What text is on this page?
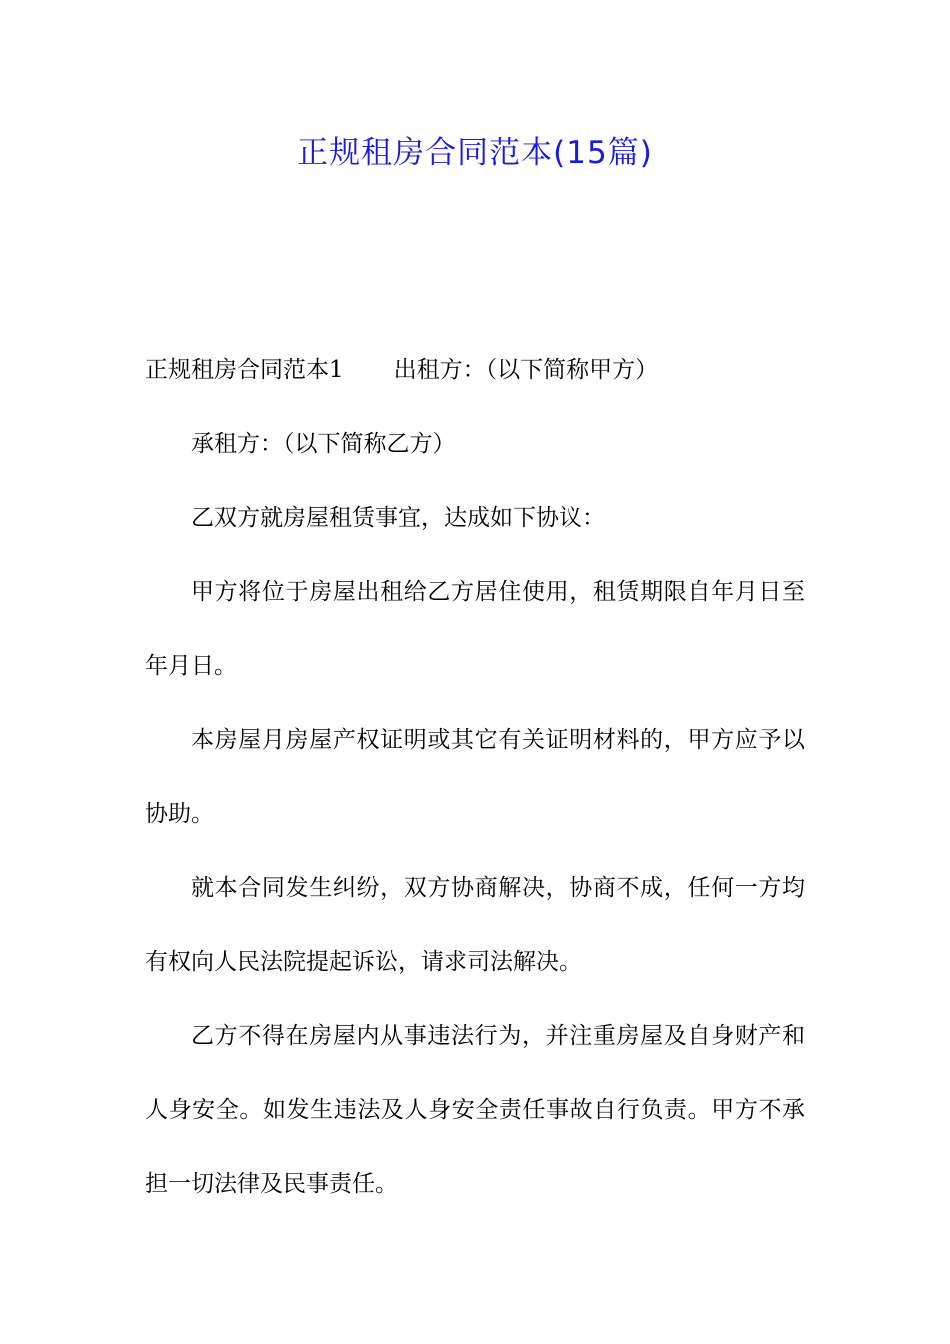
正规租房合同范本(15篇)

正规租房合同范本1 出租方：（以下简称甲方）

承租方：（以下简称乙方）

乙双方就房屋租赁事宜，达成如下协议：

甲方将位于房屋出租给乙方居住使用，租赁期限自年月日至年月日。

本房屋月房屋产权证明或其它有关证明材料的，甲方应予以协助。

就本合同发生纠纷，双方协商解决，协商不成，任何一方均有权向人民法院提起诉讼，请求司法解决。

乙方不得在房屋内从事违法行为，并注重房屋及自身财产和人身安全。如发生违法及人身安全责任事故自行负责。甲方不承担一切法律及民事责任。
